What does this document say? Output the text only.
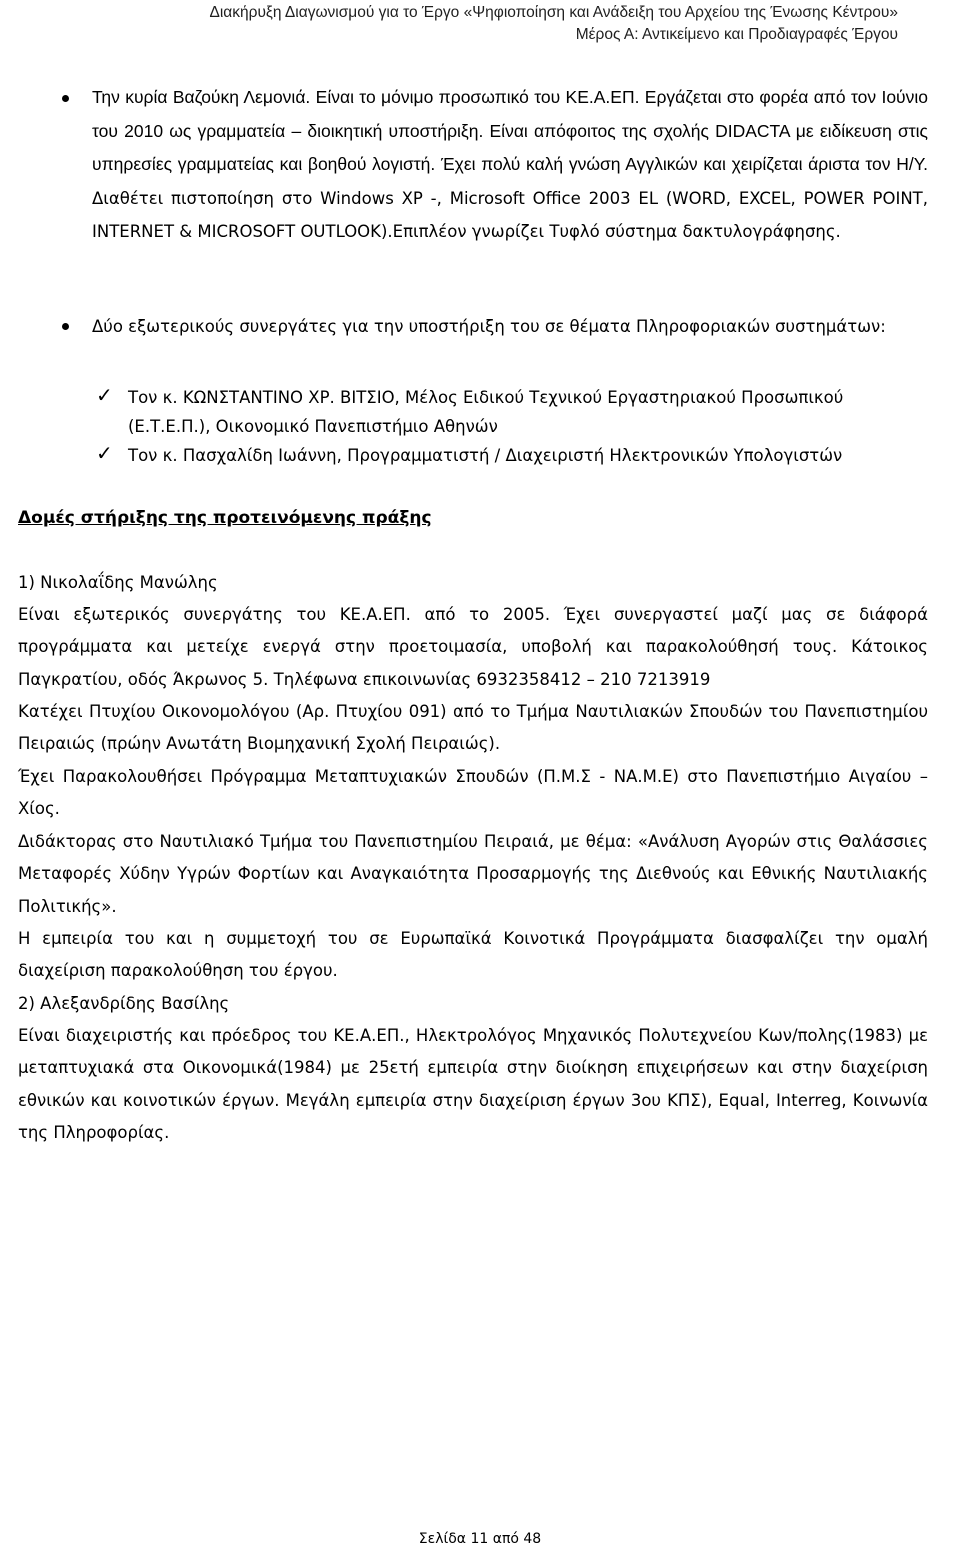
Διακήρυξη Διαγωνισμού για το Έργο «Ψηφιοποίηση και Ανάδειξη του Αρχείου της Ένωσης Κέντρου»
Μέρος Α: Αντικείμενο και Προδιαγραφές Έργου
Την κυρία Βαζούκη Λεμονιά. Είναι το μόνιμο προσωπικό του ΚΕ.Α.ΕΠ. Εργάζεται στο φορέα από τον Ιούνιο του 2010 ως γραμματεία – διοικητική υποστήριξη. Είναι απόφοιτος της σχολής DIDACTA με ειδίκευση στις υπηρεσίες γραμματείας και βοηθού λογιστή. Έχει πολύ καλή γνώση Αγγλικών και χειρίζεται άριστα τον Η/Υ. Διαθέτει πιστοποίηση στο Windows XP -, Microsoft Office 2003 EL (WORD, EXCEL, POWER POINT, INTERNET & MICROSOFT OUTLOOK).Επιπλέον γνωρίζει Τυφλό σύστημα δακτυλογράφησης.
Δύο εξωτερικούς συνεργάτες για την υποστήριξη του σε θέματα Πληροφοριακών συστημάτων:
✓ Τον κ. ΚΩΝΣΤΑΝΤΙΝΟ ΧΡ. ΒΙΤΣΙΟ, Μέλος Ειδικού Τεχνικού Εργαστηριακού Προσωπικού (Ε.Τ.Ε.Π.), Οικονομικό Πανεπιστήμιο Αθηνών
✓ Τον κ. Πασχαλίδη Ιωάννη, Προγραμματιστή / Διαχειριστή Ηλεκτρονικών Υπολογιστών
Δομές στήριξης της προτεινόμενης πράξης
1) Νικολαΐδης Μανώλης
Είναι εξωτερικός συνεργάτης του ΚΕ.Α.ΕΠ. από το 2005. Έχει συνεργαστεί μαζί μας σε διάφορά προγράμματα και μετείχε ενεργά στην προετοιμασία, υποβολή και παρακολούθησή τους. Κάτοικος Παγκρατίου, οδός Άκρωνος 5. Τηλέφωνα επικοινωνίας 6932358412 – 210 7213919
Κατέχει Πτυχίου Οικονομολόγου (Αρ. Πτυχίου 091) από το Τμήμα Ναυτιλιακών Σπουδών του Πανεπιστημίου Πειραιώς (πρώην Ανωτάτη Βιομηχανική Σχολή Πειραιώς).
Έχει Παρακολουθήσει Πρόγραμμα Μεταπτυχιακών Σπουδών (Π.Μ.Σ - ΝΑ.Μ.Ε) στο Πανεπιστήμιο Αιγαίου – Χίος.
Διδάκτορας στο Ναυτιλιακό Τμήμα του Πανεπιστημίου Πειραιά, με θέμα: «Ανάλυση Αγορών στις Θαλάσσιες Μεταφορές Χύδην Υγρών Φορτίων και Αναγκαιότητα Προσαρμογής της Διεθνούς και Εθνικής Ναυτιλιακής Πολιτικής».
Η εμπειρία του και η συμμετοχή του σε Ευρωπαϊκά Κοινοτικά Προγράμματα διασφαλίζει την ομαλή διαχείριση παρακολούθηση του έργου.
2) Αλεξανδρίδης Βασίλης
Είναι διαχειριστής και πρόεδρος του ΚΕ.Α.ΕΠ., Ηλεκτρολόγος Μηχανικός Πολυτεχνείου Κων/πολης(1983) με μεταπτυχιακά στα Οικονομικά(1984) με 25ετή εμπειρία στην διοίκηση επιχειρήσεων και στην διαχείριση εθνικών και κοινοτικών έργων. Μεγάλη εμπειρία στην διαχείριση έργων 3ου ΚΠΣ), Equal, Interreg, Κοινωνία της Πληροφορίας.
Σελίδα 11 από 48
